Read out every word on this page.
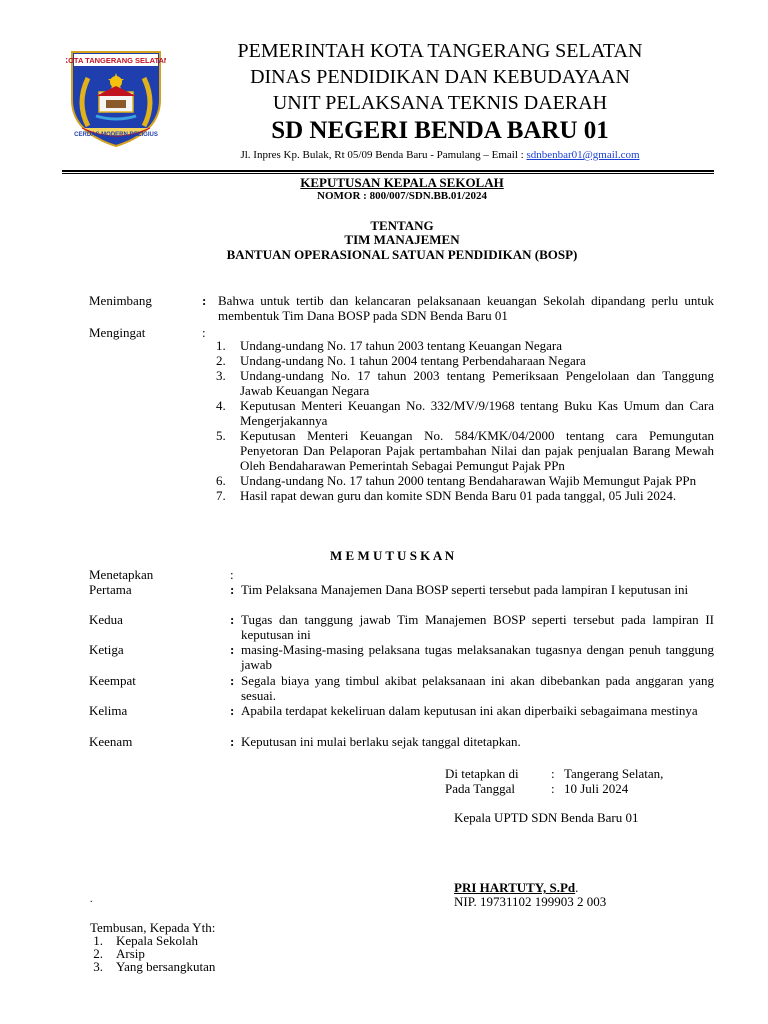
KOTA TANGERANG SELATAN
CERDAS MODERN RELIGIUS
PEMERINTAH KOTA TANGERANG SELATAN
DINAS PENDIDIKAN DAN KEBUDAYAAN
UNIT PELAKSANA TEKNIS DAERAH
SD NEGERI BENDA BARU 01
Jl. Inpres Kp. Bulak, Rt 05/09 Benda Baru - Pamulang – Email : sdnbenbar01@gmail.com
KEPUTUSAN KEPALA SEKOLAH
NOMOR : 800/007/SDN.BB.01/2024
TENTANG
TIM MANAJEMEN
BANTUAN OPERASIONAL SATUAN PENDIDIKAN (BOSP)
Menimbang	: Bahwa untuk tertib dan kelancaran pelaksanaan keuangan Sekolah dipandang perlu untuk membentuk Tim Dana BOSP pada SDN Benda Baru 01
Mengingat	:
1.	Undang-undang No. 17 tahun 2003 tentang Keuangan Negara
2.	Undang-undang No. 1 tahun 2004 tentang Perbendaharaan Negara
3.	Undang-undang No. 17 tahun 2003 tentang Pemeriksaan Pengelolaan dan Tanggung Jawab Keuangan Negara
4.	Keputusan Menteri Keuangan No. 332/MV/9/1968 tentang Buku Kas Umum dan Cara Mengerjakannya
5.	Keputusan Menteri Keuangan No. 584/KMK/04/2000 tentang cara Pemungutan Penyetoran Dan Pelaporan Pajak pertambahan Nilai dan pajak penjualan Barang Mewah Oleh Bendaharawan Pemerintah Sebagai Pemungut Pajak PPn
6.	Undang-undang No. 17 tahun 2000 tentang Bendaharawan Wajib Memungut Pajak PPn
7.	Hasil rapat dewan guru dan komite SDN Benda Baru 01 pada tanggal, 05 Juli 2024.
M E M U T U S K A N
Menetapkan	:
Pertama	: Tim Pelaksana Manajemen Dana BOSP seperti tersebut pada lampiran I keputusan ini
Kedua	: Tugas dan tanggung jawab Tim Manajemen BOSP seperti tersebut pada lampiran II keputusan ini
Ketiga	: masing-Masing-masing pelaksana tugas melaksanakan tugasnya dengan penuh tanggung jawab
Keempat	: Segala biaya yang timbul akibat pelaksanaan ini akan dibebankan pada anggaran yang sesuai.
Kelima	: Apabila terdapat kekeliruan dalam keputusan ini akan diperbaiki sebagaimana mestinya
Keenam	: Keputusan ini mulai berlaku sejak tanggal ditetapkan.
Di tetapkan di : Tangerang Selatan,
Pada Tanggal	: 10 Juli 2024
Kepala UPTD SDN Benda Baru 01
PRI HARTUTY, S.Pd.
NIP. 19731102 199903 2 003
.
Tembusan, Kepada Yth:
1.	Kepala Sekolah
2.	Arsip
3.	Yang bersangkutan
